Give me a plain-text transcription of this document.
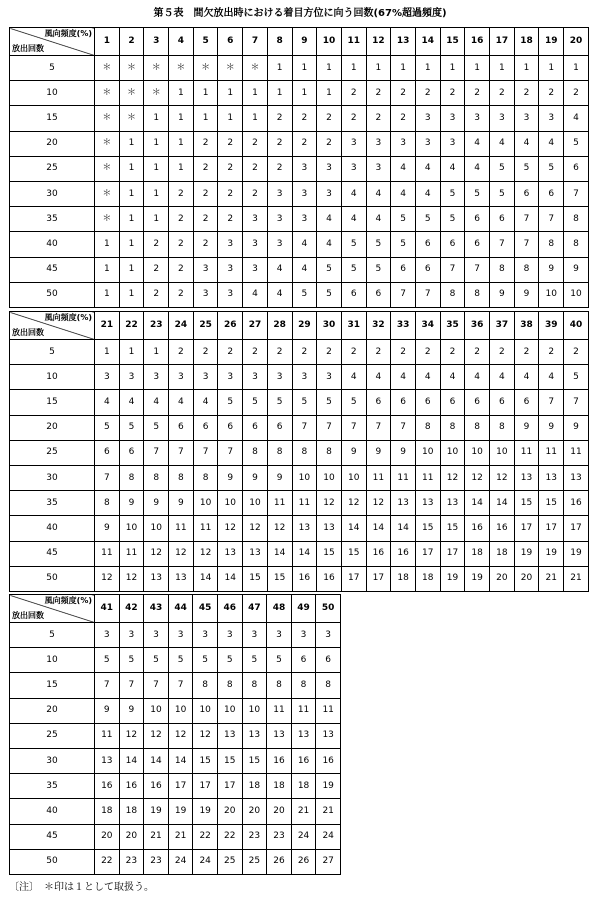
第５表　間欠放出時における着目方位に向う回数(67%超過頻度)
風向頻度(%)
放出回数	1	2	3	4	5	6	7	8	9	10	11	12	13	14	15	16	17	18	19	20
5	＊	＊	＊	＊	＊	＊	＊	1	1	1	1	1	1	1	1	1	1	1	1	1
10	＊	＊	＊	1	1	1	1	1	1	1	2	2	2	2	2	2	2	2	2	2
15	＊	＊	1	1	1	1	1	2	2	2	2	2	2	3	3	3	3	3	3	4
20	＊	1	1	1	2	2	2	2	2	2	3	3	3	3	3	4	4	4	4	5
25	＊	1	1	1	2	2	2	2	3	3	3	3	4	4	4	4	5	5	5	6
30	＊	1	1	2	2	2	2	3	3	3	4	4	4	4	5	5	5	6	6	7
35	＊	1	1	2	2	2	3	3	3	4	4	4	5	5	5	6	6	7	7	8
40	1	1	2	2	2	3	3	3	4	4	5	5	5	6	6	6	7	7	8	8
45	1	1	2	2	3	3	3	4	4	5	5	5	6	6	7	7	8	8	9	9
50	1	1	2	2	3	3	4	4	5	5	6	6	7	7	8	8	9	9	10	10
風向頻度(%)
放出回数	21	22	23	24	25	26	27	28	29	30	31	32	33	34	35	36	37	38	39	40
5	1	1	1	2	2	2	2	2	2	2	2	2	2	2	2	2	2	2	2	2
10	3	3	3	3	3	3	3	3	3	3	4	4	4	4	4	4	4	4	4	5
15	4	4	4	4	4	5	5	5	5	5	5	6	6	6	6	6	6	6	7	7
20	5	5	5	6	6	6	6	6	7	7	7	7	7	8	8	8	8	9	9	9
25	6	6	7	7	7	7	8	8	8	8	9	9	9	10	10	10	10	11	11	11
30	7	8	8	8	8	9	9	9	10	10	10	11	11	11	12	12	12	13	13	13
35	8	9	9	9	10	10	10	11	11	12	12	12	13	13	13	14	14	15	15	16
40	9	10	10	11	11	12	12	12	13	13	14	14	14	15	15	16	16	17	17	17
45	11	11	12	12	12	13	13	14	14	15	15	16	16	17	17	18	18	19	19	19
50	12	12	13	13	14	14	15	15	16	16	17	17	18	18	19	19	20	20	21	21
風向頻度(%)
放出回数	41	42	43	44	45	46	47	48	49	50
5	3	3	3	3	3	3	3	3	3	3
10	5	5	5	5	5	5	5	5	6	6
15	7	7	7	7	8	8	8	8	8	8
20	9	9	10	10	10	10	10	11	11	11
25	11	12	12	12	12	13	13	13	13	13
30	13	14	14	14	15	15	15	16	16	16
35	16	16	16	17	17	17	18	18	18	19
40	18	18	19	19	19	20	20	20	21	21
45	20	20	21	21	22	22	23	23	24	24
50	22	23	23	24	24	25	25	26	26	27
〔注〕　＊印は１として取扱う。
